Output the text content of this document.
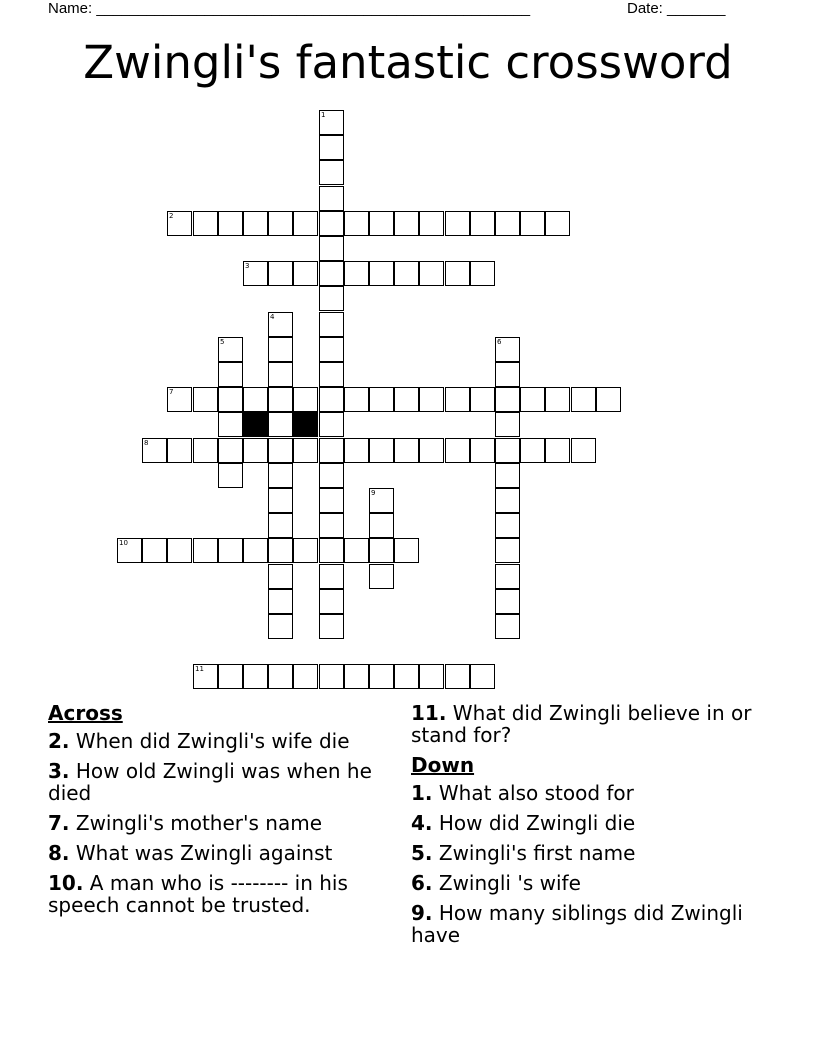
Name: ____________________________________________________	Date: _______
Zwingli's fantastic crossword
1
2
3
4
5	6
7
8
9
10
11
Across
2. When did Zwingli's wife die
3. How old Zwingli was when he died
7. Zwingli's mother's name
8. What was Zwingli against
10. A man who is -------- in his speech cannot be trusted.
11. What did Zwingli believe in or stand for?
Down
1. What also stood for
4. How did Zwingli die
5. Zwingli's first name
6. Zwingli 's wife
9. How many siblings did Zwingli have
